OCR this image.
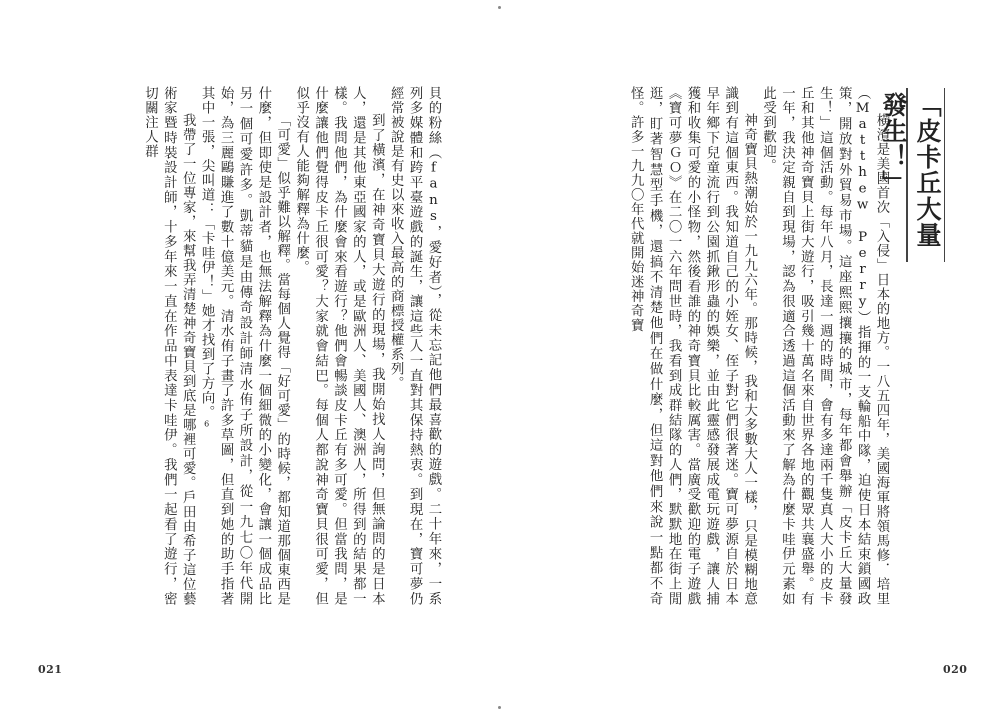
「皮卡丘大量發生！」

橫濱是美國首次「入侵」日本的地方。一八五四年，美國海軍將領馬修．培里（Matthew Perry）指揮的一支輪船中隊，迫使日本結束鎖國政策，開放對外貿易市場。這座熙熙攘攘的城市，每年都會舉辦「皮卡丘大量發生！」這個活動。每年八月，長達一週的時間，會有多達兩千隻真人大小的皮卡丘和其他神奇寶貝上街大遊行，吸引幾十萬名來自世界各地的觀眾共襄盛舉。有一年，我決定親自到現場，認為很適合透過這個活動來了解為什麼卡哇伊元素如此受到歡迎。

神奇寶貝熱潮始於一九九六年。那時候，我和大多數大人一樣，只是模糊地意識到有這個東西。我知道自己的小姪女、侄子對它們很著迷。寶可夢源自於日本早年鄉下兒童流行到公園抓鍬形蟲的娛樂，並由此靈感發展成電玩遊戲，讓人捕獲和收集可愛的小怪物，然後看誰的神奇寶貝比較厲害。當廣受歡迎的電子遊戲《寶可夢ＧＯ》在二〇一六年問世時，我看到成群結隊的人們，默默地在街上閒逛，盯著智慧型手機，還搞不清楚他們在做什麼，但這對他們來說一點都不奇怪。許多一九九〇年代就開始迷神奇寶

020

貝的粉絲（fans，愛好者），從未忘記他們最喜歡的遊戲。二十年來，一系列多媒體和跨平臺遊戲的誕生，讓這些人一直對其保持熱衷。到現在，寶可夢仍經常被說是有史以來收入最高的商標授權系列。

到了橫濱，在神奇寶貝大遊行的現場，我開始找人詢問，但無論問的是日本人，還是其他東亞國家的人，或是歐洲人、美國人、澳洲人，所得到的結果都一樣。我問他們，為什麼會來看遊行？他們會暢談皮卡丘有多可愛。但當我問，是什麼讓他們覺得皮卡丘很可愛？大家就會結巴。每個人都說神奇寶貝很可愛，但似乎沒有人能夠解釋為什麼。

「可愛」似乎難以解釋。當每個人覺得「好可愛」的時候，都知道那個東西是什麼，但即使是設計者，也無法解釋為什麼一個細微的小變化，會讓一個成品比另一個可愛許多。凱蒂貓是由傳奇設計師清水侑子所設計，從一九七〇年代開始，為三麗鷗賺進了數十億美元。清水侑子畫了許多草圖，但直到她的助手指著其中一張，尖叫道：「卡哇伊！」她才找到了方向。6

我帶了一位專家，來幫我弄清楚神奇寶貝到底是哪裡可愛。戶田由希子這位藝術家暨時裝設計師，十多年來一直在作品中表達卡哇伊。我們一起看了遊行，密切關注人群

021
